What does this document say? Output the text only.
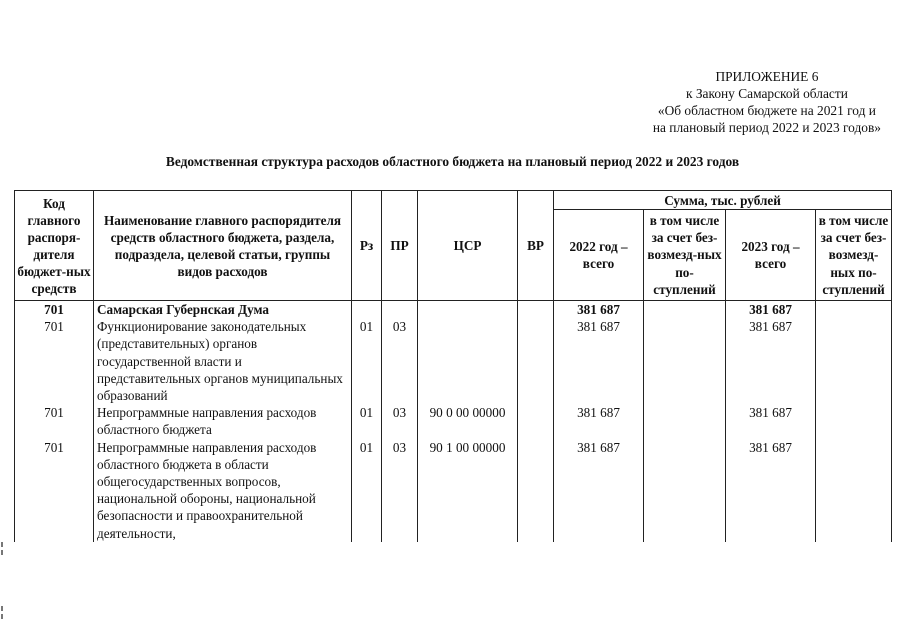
ПРИЛОЖЕНИЕ 6
к Закону Самарской области
«Об областном бюджете на 2021 год и
на плановый период 2022 и 2023 годов»
Ведомственная структура расходов областного бюджета на плановый период 2022 и 2023 годов
Код главного распоря-дителя бюджет-ных средств	Наименование главного распорядителя средств областного бюджета, раздела, подраздела, целевой статьи, группы видов расходов	Рз	ПР	ЦСР	ВР	Сумма, тыс. рублей			
						2022 год – всего	в том числе за счет без-возмезд-ных по-ступлений	2023 год – всего	в том числе за счет без-возмезд-ных по-ступлений
701	Самарская Губернская Дума					381 687		381 687	
701	Функционирование законодательных (представительных) органов государственной власти и представительных органов муниципальных образований	01	03			381 687		381 687	
701	Непрограммные направления расходов областного бюджета	01	03	90 0 00 00000		381 687		381 687	
701	Непрограммные направления расходов областного бюджета в области общегосударственных вопросов, национальной обороны, национальной безопасности и правоохранительной деятельности,	01	03	90 1 00 00000		381 687		381 687	
